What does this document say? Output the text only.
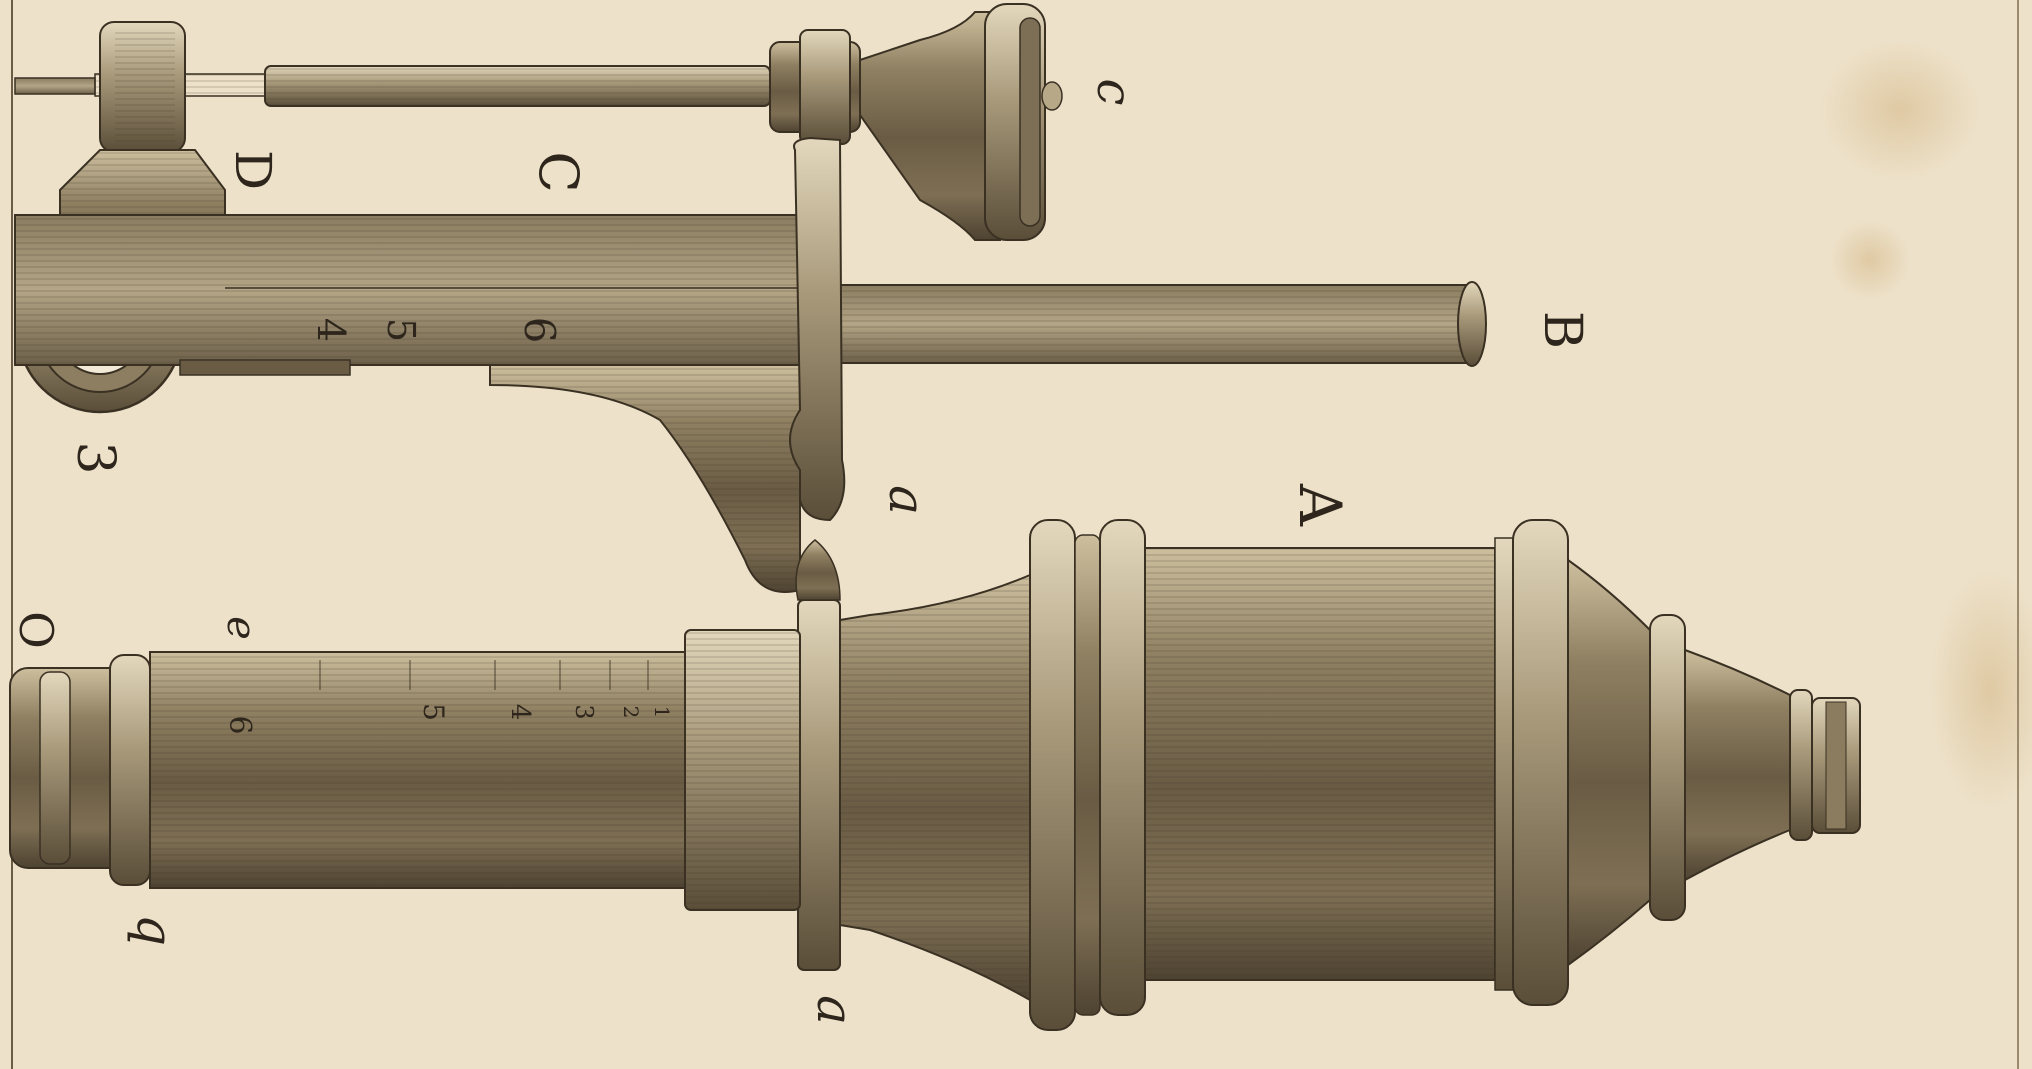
A
B
C
D
c
a
a
e
q
3
O
4 5 6
1
2
3
4
5
6
